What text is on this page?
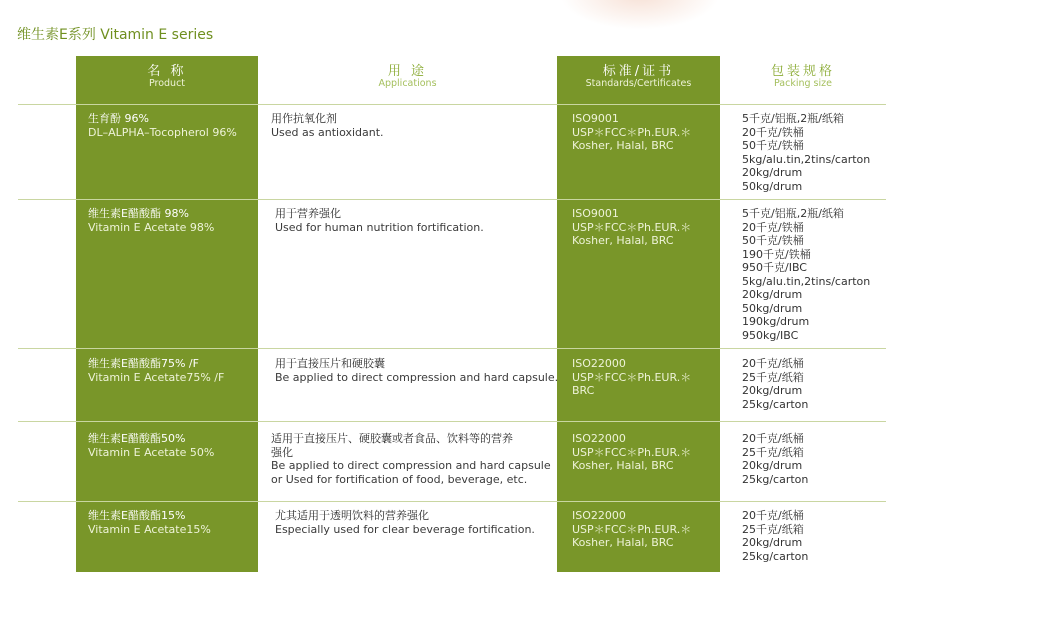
维生素E系列 Vitamin E series
名 称
Product
用 途
Applications
标准/证书
Standards/Certificates
包装规格
Packing size
生育酚 96%
DL–ALPHA–Tocopherol 96%
用作抗氧化剂
Used as antioxidant.
ISO9001
USP＊FCC＊Ph.EUR.＊
Kosher, Halal, BRC
5千克/铝瓶,2瓶/纸箱
20千克/铁桶
50千克/铁桶
5kg/alu.tin,2tins/carton
20kg/drum
50kg/drum
维生素E醋酸酯 98%
Vitamin E Acetate 98%
用于营养强化
Used for human nutrition fortification.
ISO9001
USP＊FCC＊Ph.EUR.＊
Kosher, Halal, BRC
5千克/铝瓶,2瓶/纸箱
20千克/铁桶
50千克/铁桶
190千克/铁桶
950千克/IBC
5kg/alu.tin,2tins/carton
20kg/drum
50kg/drum
190kg/drum
950kg/IBC
维生素E醋酸酯75% /F
Vitamin E Acetate75% /F
用于直接压片和硬胶囊
Be applied to direct compression and hard capsule.
ISO22000
USP＊FCC＊Ph.EUR.＊
BRC
20千克/纸桶
25千克/纸箱
20kg/drum
25kg/carton
维生素E醋酸酯50%
Vitamin E Acetate 50%
适用于直接压片、硬胶囊或者食品、饮料等的营养
强化
Be applied to direct compression and hard capsule
or Used for fortification of food, beverage, etc.
ISO22000
USP＊FCC＊Ph.EUR.＊
Kosher, Halal, BRC
20千克/纸桶
25千克/纸箱
20kg/drum
25kg/carton
维生素E醋酸酯15%
Vitamin E Acetate15%
尤其适用于透明饮料的营养强化
Especially used for clear beverage fortification.
ISO22000
USP＊FCC＊Ph.EUR.＊
Kosher, Halal, BRC
20千克/纸桶
25千克/纸箱
20kg/drum
25kg/carton
